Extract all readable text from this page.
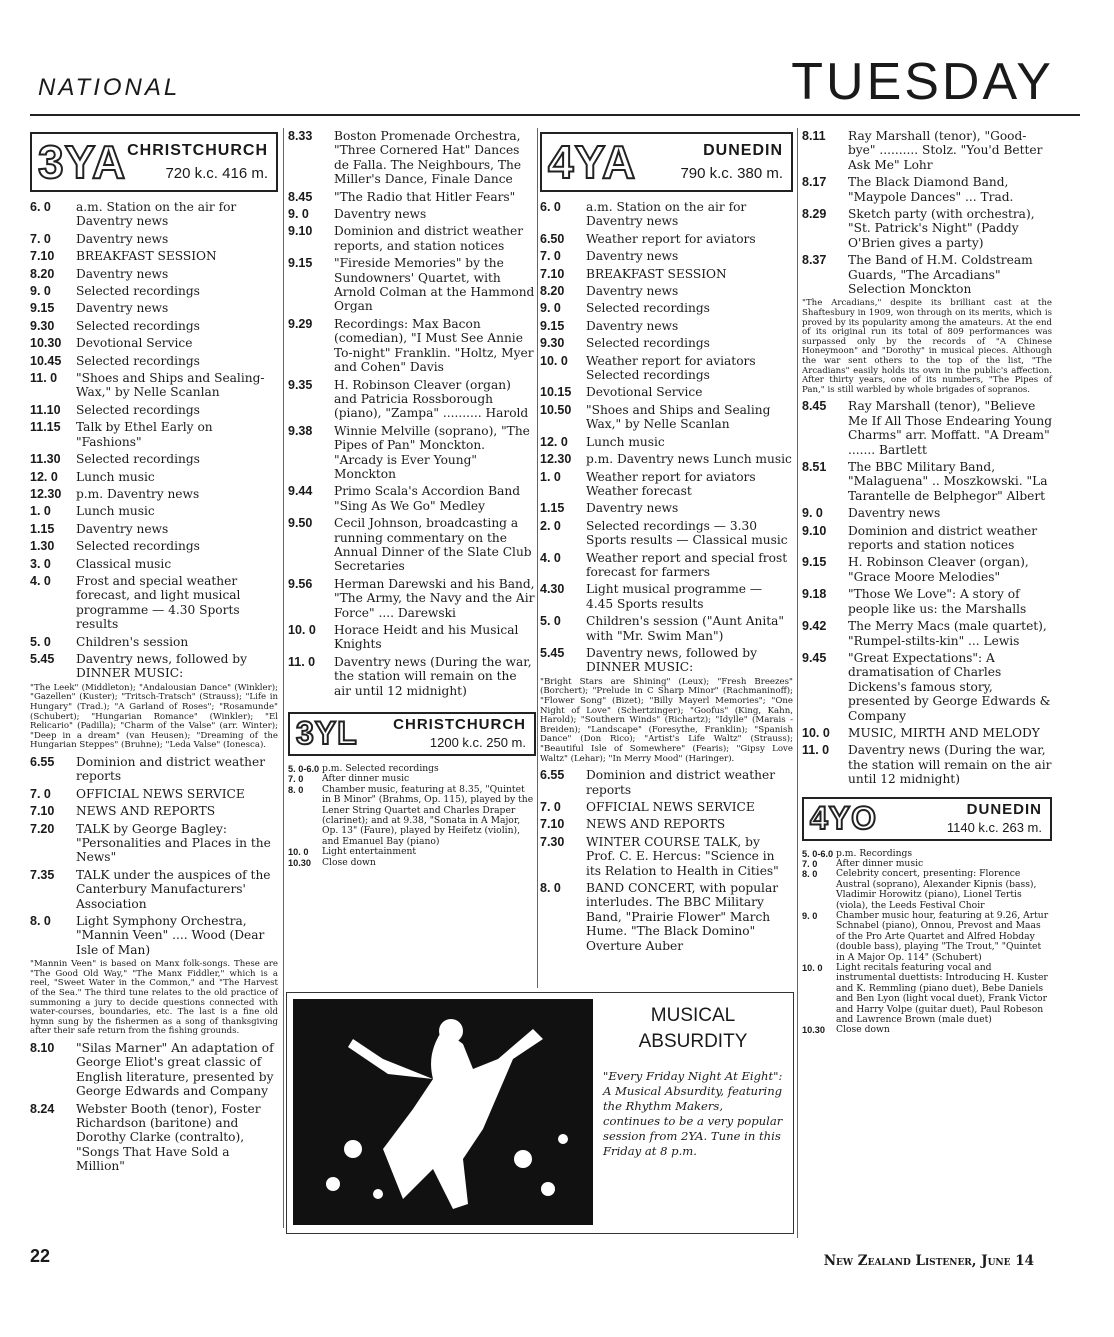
NATIONAL	TUESDAY
3YA CHRISTCHURCH
720 k.c. 416 m.
6. 0	a.m. Station on the air for Daventry news
7. 0	Daventry news
7.10	BREAKFAST SESSION
8.20	Daventry news
9. 0	Selected recordings
9.15	Daventry news
9.30	Selected recordings
10.30	Devotional Service
10.45	Selected recordings
11. 0	"Shoes and Ships and Sealing-Wax," by Nelle Scanlan
11.10	Selected recordings
11.15	Talk by Ethel Early on "Fashions"
11.30	Selected recordings
12. 0	Lunch music
12.30	p.m. Daventry news
1. 0	Lunch music
1.15	Daventry news
1.30	Selected recordings
3. 0	Classical music
4. 0	Frost and special weather forecast, and light musical programme — 4.30 Sports results
5. 0	Children's session
5.45	Daventry news, followed by DINNER MUSIC:
"The Leek" (Middleton); "Andalousian Dance" (Winkler); "Gazellen" (Kuster); "Tritsch-Tratsch" (Strauss); "Life in Hungary" (Trad.); "A Garland of Roses"; "Rosamunde" (Schubert); "Hungarian Romance" (Winkler); "El Relicario" (Padilla); "Charm of the Valse" (arr. Winter); "Deep in a dream" (van Heusen); "Dreaming of the Hungarian Steppes" (Bruhne); "Leda Valse" (Ionesca).
6.55	Dominion and district weather reports
7. 0	OFFICIAL NEWS SERVICE
7.10	NEWS AND REPORTS
7.20	TALK by George Bagley: "Personalities and Places in the News"
7.35	TALK under the auspices of the Canterbury Manufacturers' Association
8. 0	Light Symphony Orchestra, "Mannin Veen" .... Wood (Dear Isle of Man)
"Mannin Veen" is based on Manx folk-songs. These are "The Good Old Way," "The Manx Fiddler," which is a reel, "Sweet Water in the Common," and "The Harvest of the Sea." The third tune relates to the old practice of summoning a jury to decide questions connected with water-courses, boundaries, etc. The last is a fine old hymn sung by the fishermen as a song of thanksgiving after their safe return from the fishing grounds.
8.10	"Silas Marner" An adaptation of George Eliot's great classic of English literature, presented by George Edwards and Company
8.24	Webster Booth (tenor), Foster Richardson (baritone) and Dorothy Clarke (contralto), "Songs That Have Sold a Million"
8.33	Boston Promenade Orchestra, "Three Cornered Hat" Dances de Falla. The Neighbours, The Miller's Dance, Finale Dance
8.45	"The Radio that Hitler Fears"
9. 0	Daventry news
9.10	Dominion and district weather reports, and station notices
9.15	"Fireside Memories" by the Sundowners' Quartet, with Arnold Colman at the Hammond Organ
9.29	Recordings: Max Bacon (comedian), "I Must See Annie To-night" Franklin. "Holtz, Myer and Cohen" Davis
9.35	H. Robinson Cleaver (organ) and Patricia Rossborough (piano), "Zampa" .......... Harold
9.38	Winnie Melville (soprano), "The Pipes of Pan" Monckton. "Arcady is Ever Young" Monckton
9.44	Primo Scala's Accordion Band "Sing As We Go" Medley
9.50	Cecil Johnson, broadcasting a running commentary on the Annual Dinner of the Slate Club Secretaries
9.56	Herman Darewski and his Band, "The Army, the Navy and the Air Force" .... Darewski
10. 0	Horace Heidt and his Musical Knights
11. 0	Daventry news (During the war, the station will remain on the air until 12 midnight)
3YL CHRISTCHURCH
1200 k.c. 250 m.
5. 0-6.0 p.m. Selected recordings
7. 0	After dinner music
8. 0	Chamber music, featuring at 8.35, "Quintet in B Minor" (Brahms, Op. 115), played by the Lener String Quartet and Charles Draper (clarinet); and at 9.38, "Sonata in A Major, Op. 13" (Faure), played by Heifetz (violin), and Emanuel Bay (piano)
10. 0	Light entertainment
10.30	Close down
4YA	DUNEDIN
790 k.c. 380 m.
6. 0	a.m. Station on the air for Daventry news
6.50	Weather report for aviators
7. 0	Daventry news
7.10	BREAKFAST SESSION
8.20	Daventry news
9. 0	Selected recordings
9.15	Daventry news
9.30	Selected recordings
10. 0	Weather report for aviators Selected recordings
10.15	Devotional Service
10.50	"Shoes and Ships and Sealing Wax," by Nelle Scanlan
12. 0	Lunch music
12.30	p.m. Daventry news Lunch music
1. 0	Weather report for aviators Weather forecast
1.15	Daventry news
2. 0	Selected recordings — 3.30 Sports results — Classical music
4. 0	Weather report and special frost forecast for farmers
4.30	Light musical programme — 4.45 Sports results
5. 0	Children's session ("Aunt Anita" with "Mr. Swim Man")
5.45	Daventry news, followed by DINNER MUSIC:
"Bright Stars are Shining" (Leux); "Fresh Breezes" (Borchert); "Prelude in C Sharp Minor" (Rachmaninoff); "Flower Song" (Bizet); "Billy Mayerl Memories"; "One Night of Love" (Schertzinger); "Goofus" (King, Kahn, Harold); "Southern Winds" (Richartz); "Idylle" (Marais - Breiden); "Landscape" (Foresythe, Franklin); "Spanish Dance" (Don Rico); "Artist's Life Waltz" (Strauss); "Beautiful Isle of Somewhere" (Fearis); "Gipsy Love Waltz" (Lehar); "In Merry Mood" (Haringer).
6.55	Dominion and district weather reports
7. 0	OFFICIAL NEWS SERVICE
7.10	NEWS AND REPORTS
7.30	WINTER COURSE TALK, by Prof. C. E. Hercus: "Science in its Relation to Health in Cities"
8. 0	BAND CONCERT, with popular interludes. The BBC Military Band, "Prairie Flower" March Hume. "The Black Domino" Overture Auber
8.11	Ray Marshall (tenor), "Good-bye" .......... Stolz. "You'd Better Ask Me" Lohr
8.17	The Black Diamond Band, "Maypole Dances" ... Trad.
8.29	Sketch party (with orchestra), "St. Patrick's Night" (Paddy O'Brien gives a party)
8.37	The Band of H.M. Coldstream Guards, "The Arcadians" Selection Monckton
"The Arcadians," despite its brilliant cast at the Shaftesbury in 1909, won through on its merits, which is proved by its popularity among the amateurs. At the end of its original run its total of 809 performances was surpassed only by the records of "A Chinese Honeymoon" and "Dorothy" in musical pieces. Although the war sent others to the top of the list, "The Arcadians" easily holds its own in the public's affection. After thirty years, one of its numbers, "The Pipes of Pan," is still warbled by whole brigades of sopranos.
8.45	Ray Marshall (tenor), "Believe Me If All Those Endearing Young Charms" arr. Moffatt. "A Dream" ....... Bartlett
8.51	The BBC Military Band, "Malaguena" .. Moszkowski. "La Tarantelle de Belphegor" Albert
9. 0	Daventry news
9.10	Dominion and district weather reports and station notices
9.15	H. Robinson Cleaver (organ), "Grace Moore Melodies"
9.18	"Those We Love": A story of people like us: the Marshalls
9.42	The Merry Macs (male quartet), "Rumpel-stilts-kin" ... Lewis
9.45	"Great Expectations": A dramatisation of Charles Dickens's famous story, presented by George Edwards & Company
10. 0	MUSIC, MIRTH AND MELODY
11. 0	Daventry news (During the war, the station will remain on the air until 12 midnight)
4YO	DUNEDIN
1140 k.c. 263 m.
5. 0-6.0 p.m. Recordings
7. 0	After dinner music
8. 0	Celebrity concert, presenting: Florence Austral (soprano), Alexander Kipnis (bass), Vladimir Horowitz (piano), Lionel Tertis (viola), the Leeds Festival Choir
9. 0	Chamber music hour, featuring at 9.26, Artur Schnabel (piano), Onnou, Prevost and Maas of the Pro Arte Quartet and Alfred Hobday (double bass), playing "The Trout," "Quintet in A Major Op. 114" (Schubert)
10. 0	Light recitals featuring vocal and instrumental duettists: Introducing H. Kuster and K. Remmling (piano duet), Bebe Daniels and Ben Lyon (light vocal duet), Frank Victor and Harry Volpe (guitar duet), Paul Robeson and Lawrence Brown (male duet)
10.30	Close down
MUSICAL
ABSURDITY
"Every Friday Night At Eight": A Musical Absurdity, featuring the Rhythm Makers, continues to be a very popular session from 2YA. Tune in this Friday at 8 p.m.
22	New Zealand Listener, June 14
